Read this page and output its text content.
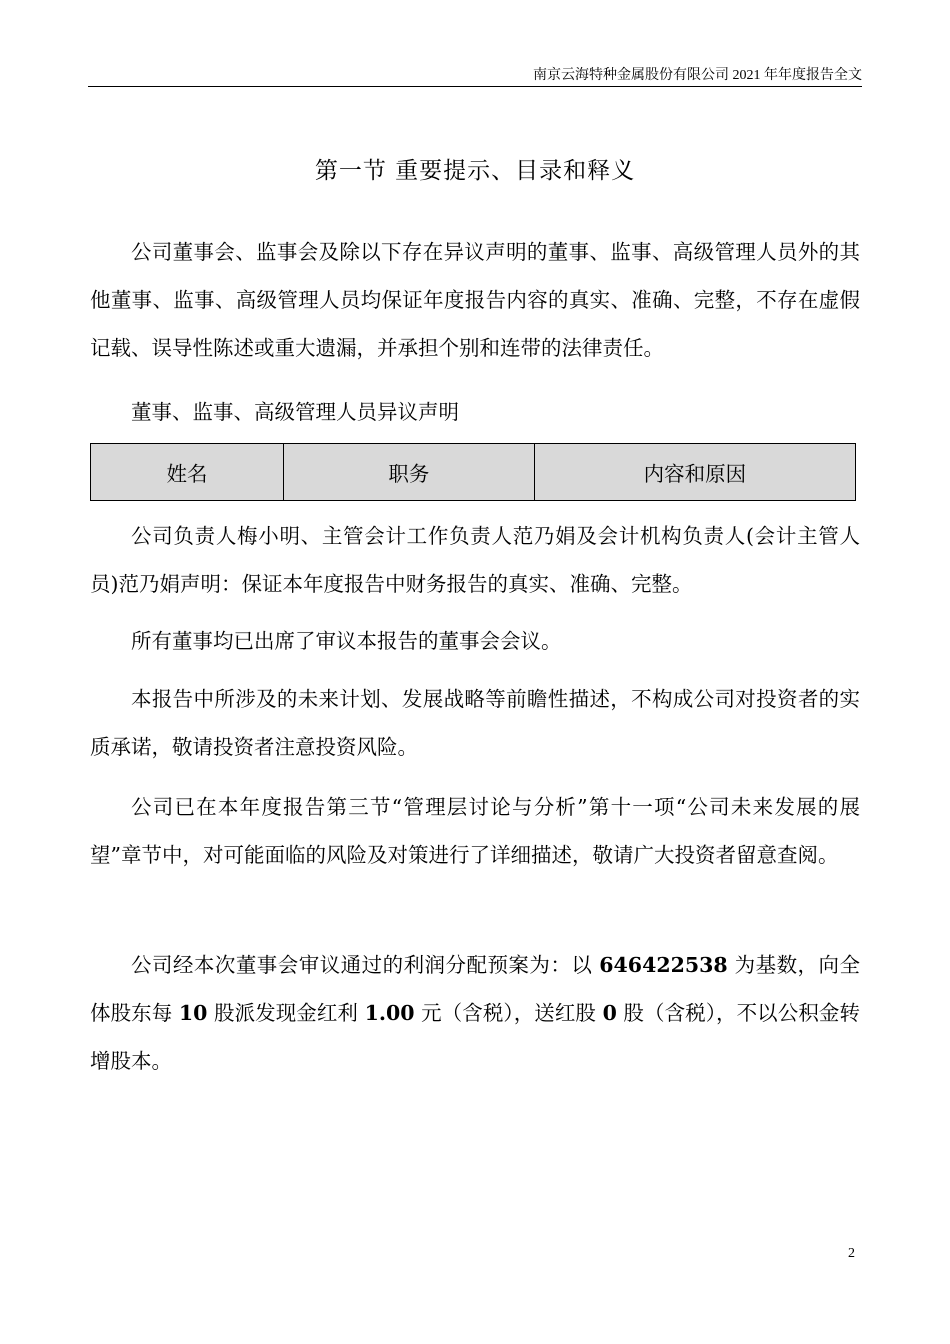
南京云海特种金属股份有限公司 2021 年年度报告全文
第一节 重要提示、目录和释义

公司董事会、监事会及除以下存在异议声明的董事、监事、高级管理人员外的其他董事、监事、高级管理人员均保证年度报告内容的真实、准确、完整，不存在虚假记载、误导性陈述或重大遗漏，并承担个别和连带的法律责任。

董事、监事、高级管理人员异议声明

姓名	职务	内容和原因

公司负责人梅小明、主管会计工作负责人范乃娟及会计机构负责人(会计主管人员)范乃娟声明：保证本年度报告中财务报告的真实、准确、完整。

所有董事均已出席了审议本报告的董事会会议。

本报告中所涉及的未来计划、发展战略等前瞻性描述，不构成公司对投资者的实质承诺，敬请投资者注意投资风险。

公司已在本年度报告第三节“管理层讨论与分析”第十一项“公司未来发展的展望”章节中，对可能面临的风险及对策进行了详细描述，敬请广大投资者留意查阅。

公司经本次董事会审议通过的利润分配预案为：以 646422538 为基数，向全体股东每 10 股派发现金红利 1.00 元（含税），送红股 0 股（含税），不以公积金转增股本。

2
